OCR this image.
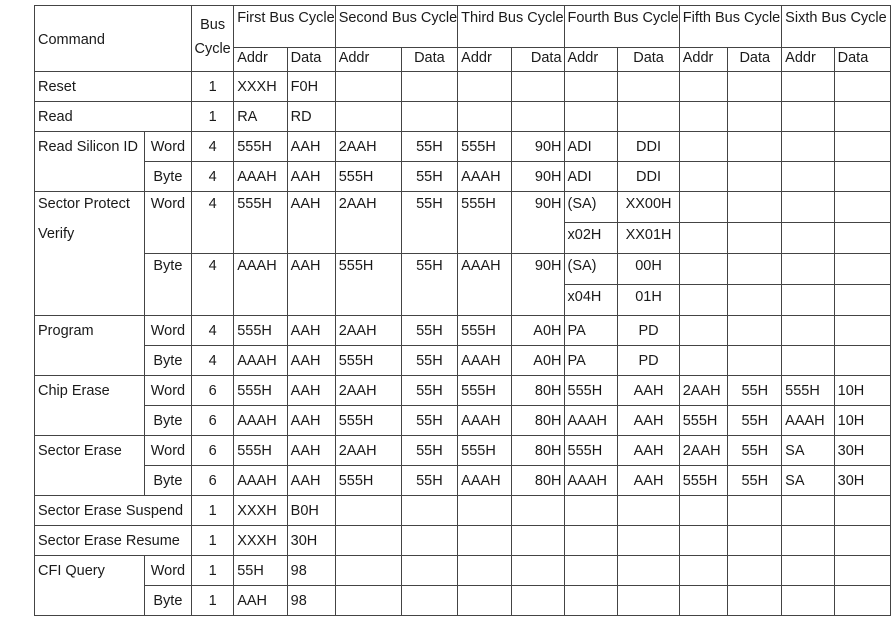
Command		Bus
Cycle	First Bus Cycle		Second Bus Cycle		Third Bus Cycle		Fourth Bus Cycle		Fifth Bus Cycle		Sixth Bus Cycle	

			Addr	Data	Addr	Data	Addr	Data	Addr	Data	Addr	Data	Addr	Data

Reset		1	XXXH	F0H										

Read		1	RA	RD										

Read Silicon ID	Word	4	555H	AAH	2AAH	55H	555H	90H	ADI	DDI				

	Byte	4	AAAH	AAH	555H	55H	AAAH	90H	ADI	DDI				

Sector Protect
Verify	Word	4	555H	AAH	2AAH	55H	555H	90H	(SA)	XX00H				

									x02H	XX01H				

	Byte	4	AAAH	AAH	555H	55H	AAAH	90H	(SA)	00H				

									x04H	01H				

Program	Word	4	555H	AAH	2AAH	55H	555H	A0H	PA	PD				

	Byte	4	AAAH	AAH	555H	55H	AAAH	A0H	PA	PD				

Chip Erase	Word	6	555H	AAH	2AAH	55H	555H	80H	555H	AAH	2AAH	55H	555H	10H

	Byte	6	AAAH	AAH	555H	55H	AAAH	80H	AAAH	AAH	555H	55H	AAAH	10H

Sector Erase	Word	6	555H	AAH	2AAH	55H	555H	80H	555H	AAH	2AAH	55H	SA	30H

	Byte	6	AAAH	AAH	555H	55H	AAAH	80H	AAAH	AAH	555H	55H	SA	30H

Sector Erase Suspend		1	XXXH	B0H										

Sector Erase Resume		1	XXXH	30H										

CFI Query	Word	1	55H	98										

	Byte	1	AAH	98										
